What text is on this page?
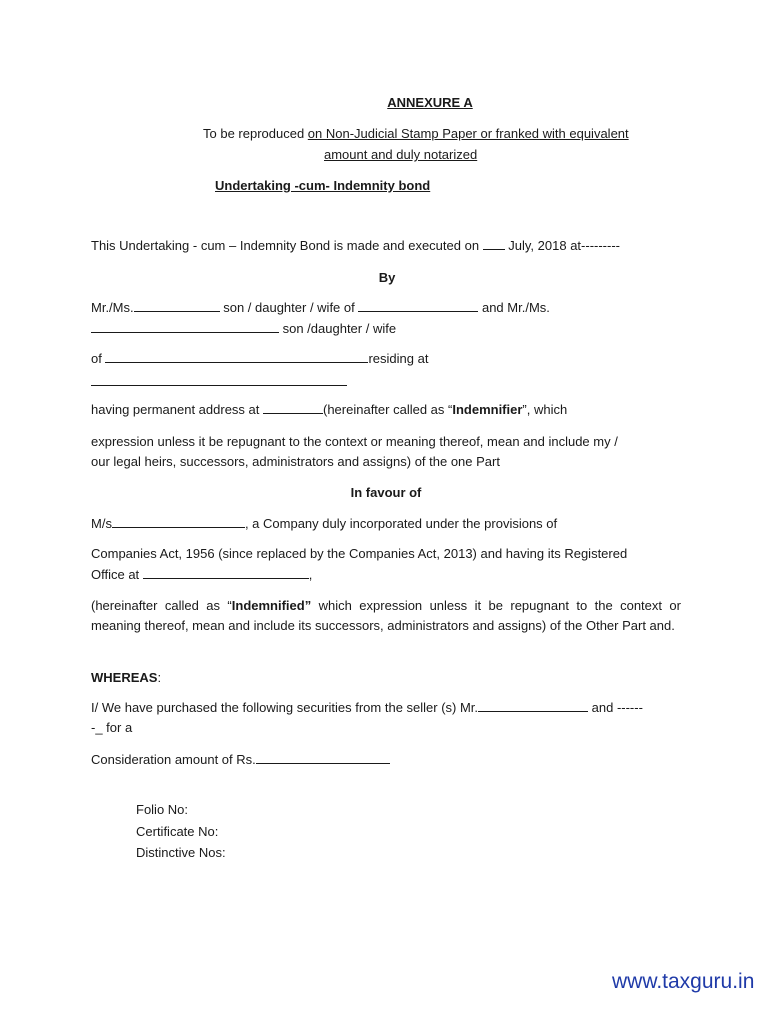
ANNEXURE A
To be reproduced on Non-Judicial Stamp Paper or franked with equivalent
amount and duly notarized
Undertaking -cum- Indemnity bond
This Undertaking - cum – Indemnity Bond is made and executed on  July, 2018 at---------
By
Mr./Ms.	son / daughter / wife of	and Mr./Ms.
son /daughter / wife
of	residing at
having permanent address at	(hereinafter called as “Indemnifier”, which
expression unless it be repugnant to the context or meaning thereof, mean and include my /
our legal heirs, successors, administrators and assigns) of the one Part
In favour of
M/s	, a Company duly incorporated under the provisions of
Companies Act, 1956 (since replaced by the Companies Act, 2013) and having its Registered
Office at	,
(hereinafter called as “Indemnified” which expression unless it be repugnant to the context or meaning thereof, mean and include its successors, administrators and assigns) of the Other Part and.
WHEREAS:
I/ We have purchased the following securities from the seller (s) Mr.	and ------
-_ for a
Consideration amount of Rs.
Folio No:
Certificate No:
Distinctive Nos:
www.taxguru.in
